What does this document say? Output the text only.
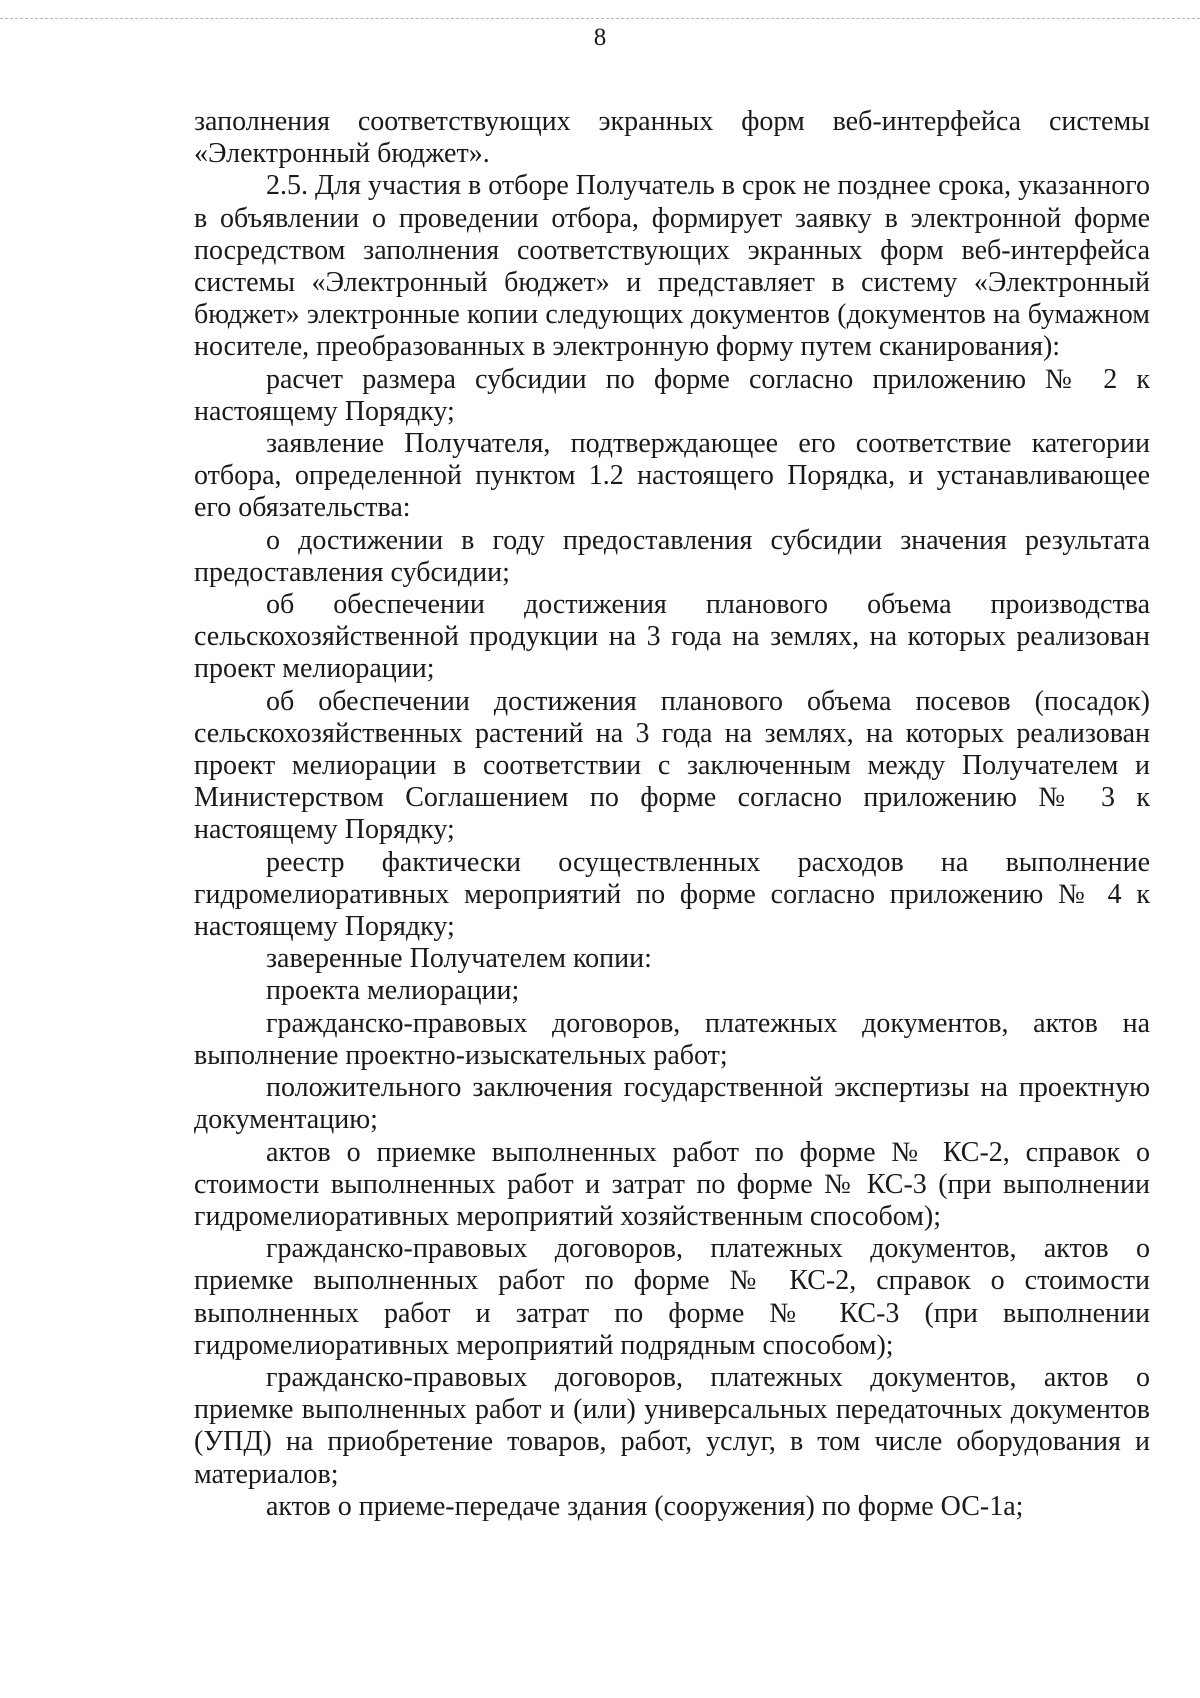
8

заполнения соответствующих экранных форм веб-интерфейса системы «Электронный бюджет».

2.5. Для участия в отборе Получатель в срок не позднее срока, указанного в объявлении о проведении отбора, формирует заявку в электронной форме посредством заполнения соответствующих экранных форм веб-интерфейса системы «Электронный бюджет» и представляет в систему «Электронный бюджет» электронные копии следующих документов (документов на бумажном носителе, преобразованных в электронную форму путем сканирования):

расчет размера субсидии по форме согласно приложению № 2 к настоящему Порядку;

заявление Получателя, подтверждающее его соответствие категории отбора, определенной пунктом 1.2 настоящего Порядка, и устанавливающее его обязательства:

о достижении в году предоставления субсидии значения результата предоставления субсидии;

об обеспечении достижения планового объема производства сельскохозяйственной продукции на 3 года на землях, на которых реализован проект мелиорации;

об обеспечении достижения планового объема посевов (посадок) сельскохозяйственных растений на 3 года на землях, на которых реализован проект мелиорации в соответствии с заключенным между Получателем и Министерством Соглашением по форме согласно приложению № 3 к настоящему Порядку;

реестр фактически осуществленных расходов на выполнение гидромелиоративных мероприятий по форме согласно приложению № 4 к настоящему Порядку;

заверенные Получателем копии:

проекта мелиорации;

гражданско-правовых договоров, платежных документов, актов на выполнение проектно-изыскательных работ;

положительного заключения государственной экспертизы на проектную документацию;

актов о приемке выполненных работ по форме № КС-2, справок о стоимости выполненных работ и затрат по форме № КС-3 (при выполнении гидромелиоративных мероприятий хозяйственным способом);

гражданско-правовых договоров, платежных документов, актов о приемке выполненных работ по форме № КС-2, справок о стоимости выполненных работ и затрат по форме № КС-3 (при выполнении гидромелиоративных мероприятий подрядным способом);

гражданско-правовых договоров, платежных документов, актов о приемке выполненных работ и (или) универсальных передаточных документов (УПД) на приобретение товаров, работ, услуг, в том числе оборудования и материалов;

актов о приеме-передаче здания (сооружения) по форме ОС-1а;
